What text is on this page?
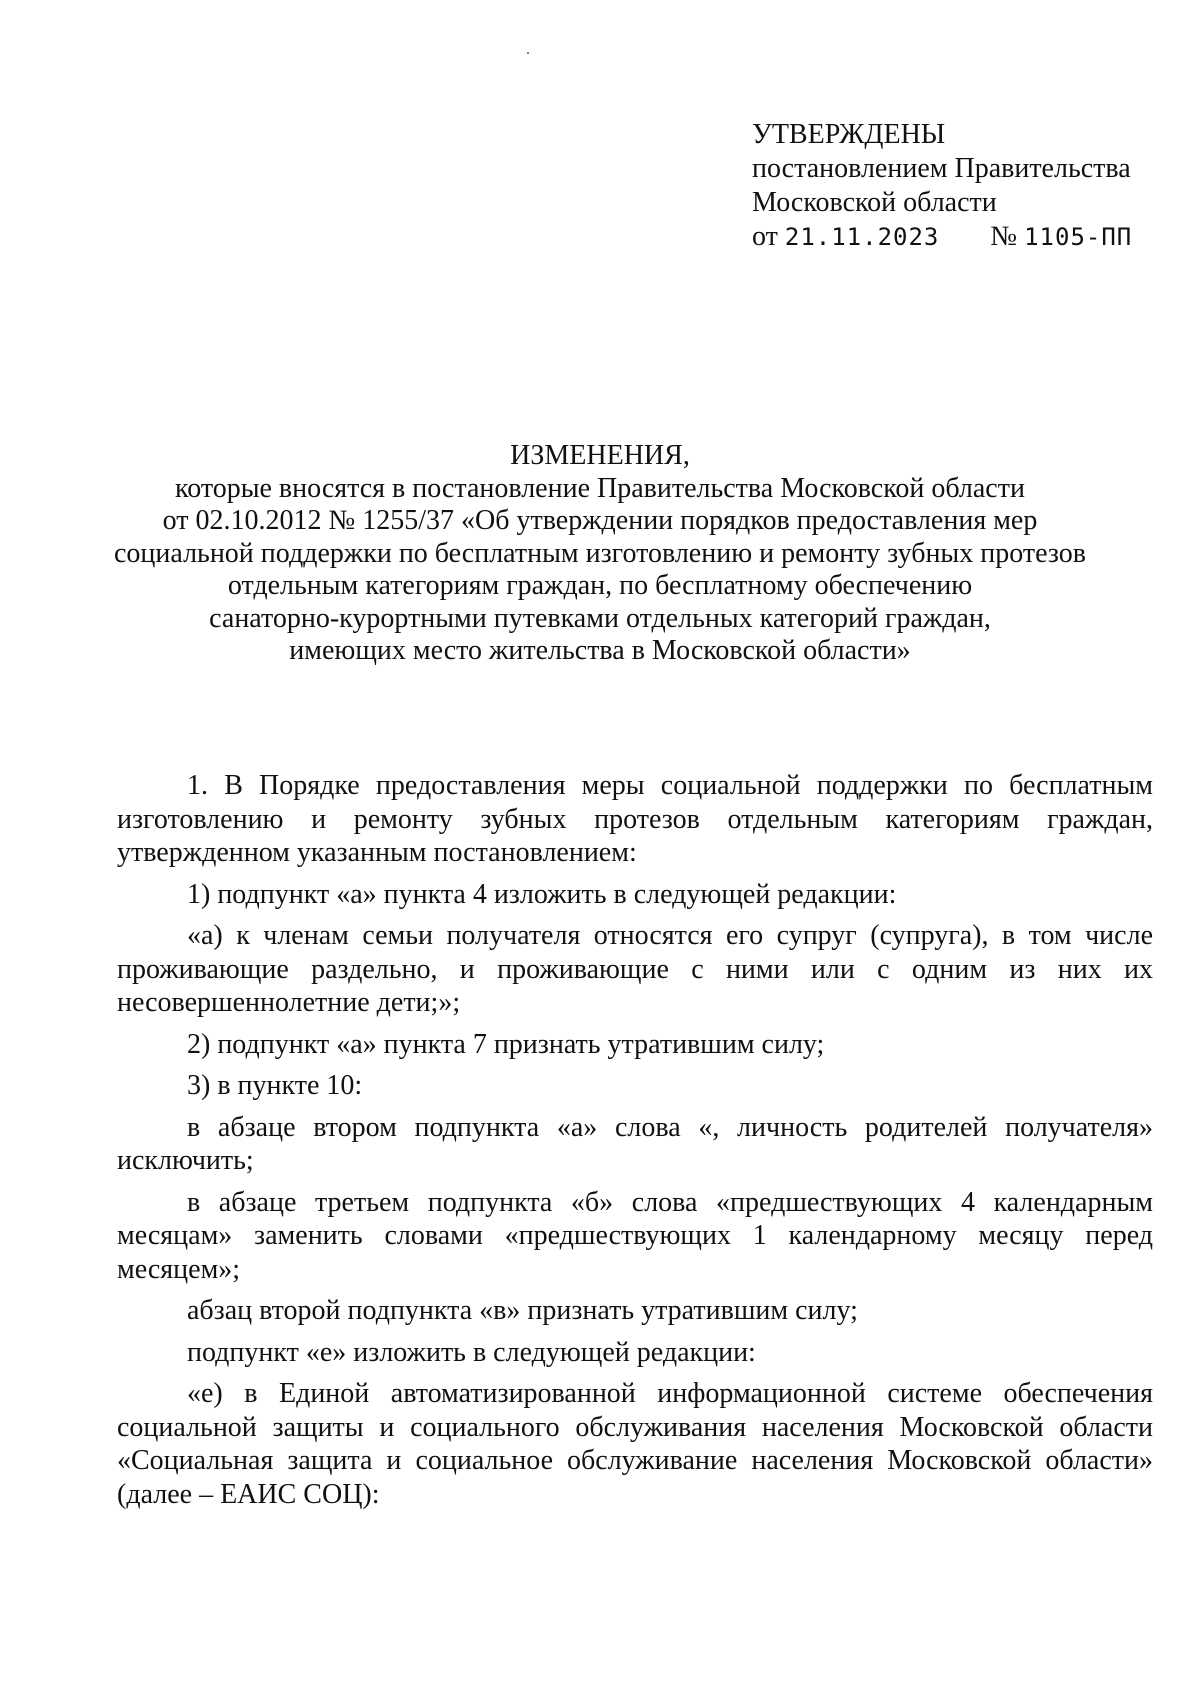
УТВЕРЖДЕНЫ
постановлением Правительства
Московской области
от 21.11.2023 № 1105-ПП
ИЗМЕНЕНИЯ,
которые вносятся в постановление Правительства Московской области
от 02.10.2012 № 1255/37 «Об утверждении порядков предоставления мер
социальной поддержки по бесплатным изготовлению и ремонту зубных протезов
отдельным категориям граждан, по бесплатному обеспечению
санаторно-курортными путевками отдельных категорий граждан,
имеющих место жительства в Московской области»

1. В Порядке предоставления меры социальной поддержки по бесплатным изготовлению и ремонту зубных протезов отдельным категориям граждан, утвержденном указанным постановлением:

1) подпункт «а» пункта 4 изложить в следующей редакции:

«а) к членам семьи получателя относятся его супруг (супруга), в том числе проживающие раздельно, и проживающие с ними или с одним из них их несовершеннолетние дети;»;

2) подпункт «а» пункта 7 признать утратившим силу;

3) в пункте 10:

в абзаце втором подпункта «а» слова «, личность родителей получателя» исключить;

в абзаце третьем подпункта «б» слова «предшествующих 4 календарным месяцам» заменить словами «предшествующих 1 календарному месяцу перед месяцем»;

абзац второй подпункта «в» признать утратившим силу;

подпункт «е» изложить в следующей редакции:

«е) в Единой автоматизированной информационной системе обеспечения социальной защиты и социального обслуживания населения Московской области «Социальная защита и социальное обслуживание населения Московской области» (далее – ЕАИС СОЦ):
